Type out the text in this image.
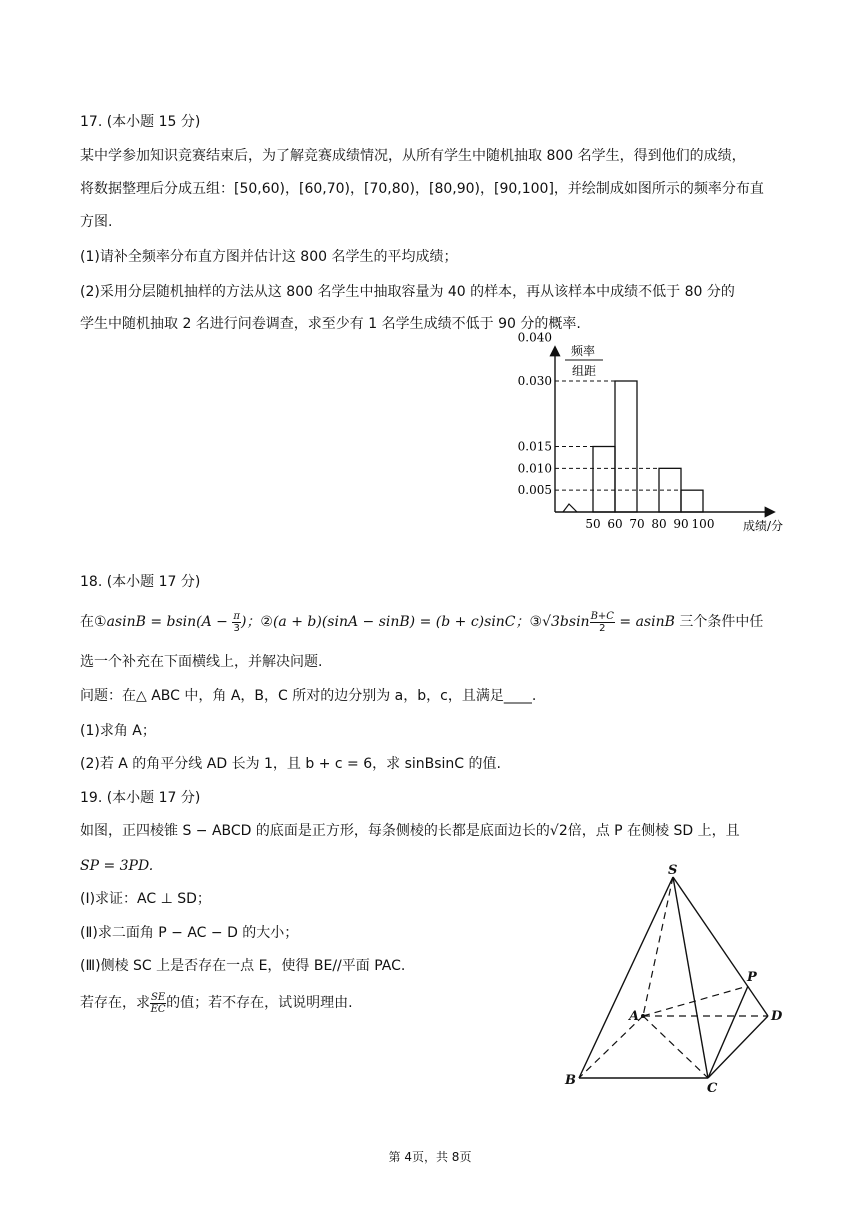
17. (本小题 15 分)
某中学参加知识竞赛结束后，为了解竞赛成绩情况，从所有学生中随机抽取 800 名学生，得到他们的成绩，
将数据整理后分成五组：[50,60)，[60,70)，[70,80)，[80,90)，[90,100]，并绘制成如图所示的频率分布直
方图.
(1)请补全频率分布直方图并估计这 800 名学生的平均成绩；
(2)采用分层随机抽样的方法从这 800 名学生中抽取容量为 40 的样本，再从该样本中成绩不低于 80 分的
学生中随机抽取 2 名进行问卷调查，求至少有 1 名学生成绩不低于 90 分的概率.
频率
组距
成绩/分
0.040
0.030
0.015
0.010
0.005
50 60 70 80 90 100
18. (本小题 17 分)
在①asinB = $bsin(A - \frac{\pi}{3}$ )；②(a + b)(sinA − sinB) = (b + c)sinC；③√3bsin $\frac{B+C}{2} = asinB$ 三个条件中任
选一个补充在下面横线上，并解决问题.
问题：在△ ABC 中，角 A，B，C 所对的边分别为 a，b，c，且满足____.
(1)求角 A；
(2)若 A 的角平分线 AD 长为 1，且 b + c = 6，求 sinBsinC 的值.
19. (本小题 17 分)
如图，正四棱锥 S − ABCD 的底面是正方形，每条侧棱的长都是底面边长的√2倍，点 P 在侧棱 SD 上，且
SP = 3PD.
(Ⅰ)求证：AC ⊥ SD；
(Ⅱ)求二面角 P − AC − D 的大小；
(Ⅲ)侧棱 SC 上是否存在一点 E，使得 BE//平面 PAC.
若存在，求 $\frac{SE}{EC}$ 的值；若不存在，试说明理由.
S
A
B
C
D
P
第 4页，共 8页
